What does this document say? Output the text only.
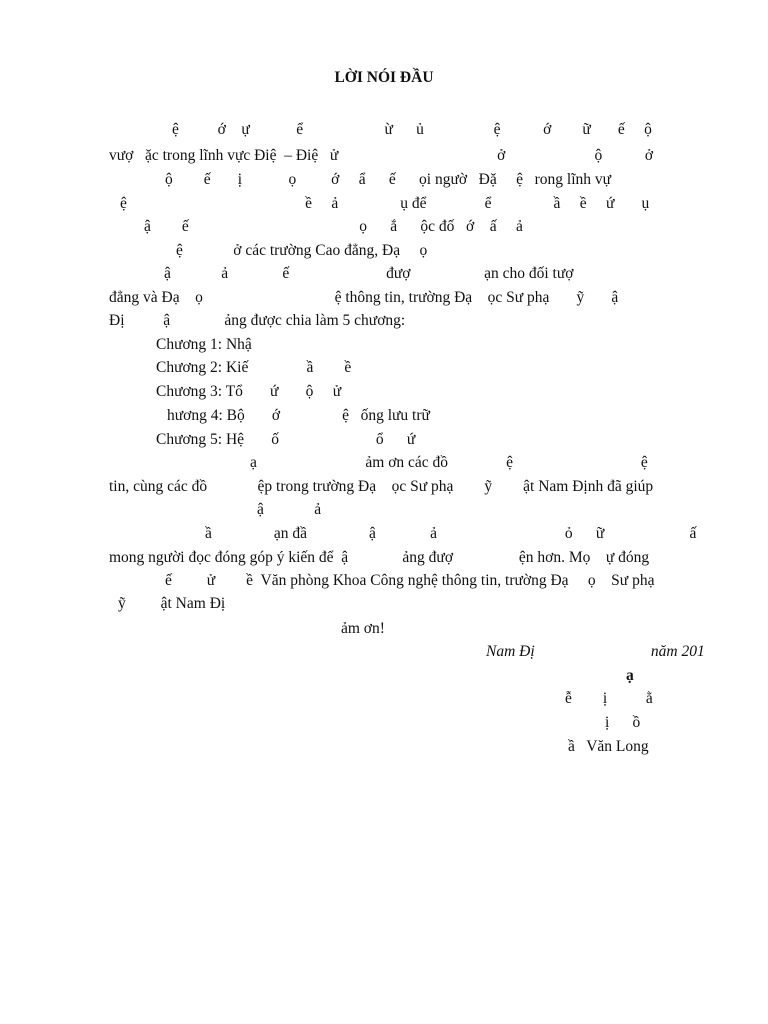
LỜI NÓI ĐẦU
ệ          ớ    ự            ể                     ừ      ủ                  ệ           ớ        ữ       ế     ộ
vượ   ặc trong lĩnh vực Điệ  – Điệ   ử                                         ở                       ộ           ở
ộ        ế       ị            ọ         ớ     ẩ      ế      ọi ngườ   Đặ     ệ   rong lĩnh vự
ệ                                              ề     ả                ụ để               ể                ầ     ề     ứ       ụ
ậ        ế                                            ọ      ắ      ộc đố   ớ    ấ     ả
ệ             ở các trường Cao đẳng, Đạ     ọ
ậ             ả              ế                         đượ                   ạn cho đối tượ
đẳng và Đạ    ọ                                  ệ thông tin, trường Đạ    ọc Sư phạ       ỹ       ậ
Đị          ậ              ảng được chia làm 5 chương:
Chương 1: Nhậ
Chương 2: Kiế               ầ        ề
Chương 3: Tổ       ứ       ộ     ử
hương 4: Bộ       ớ                ệ   ống lưu trữ
Chương 5: Hệ       ố                         ổ      ứ
ạ                            ảm ơn các đồ               ệ                                 ệ
tin, cùng các đồ             ệp trong trường Đạ    ọc Sư phạ        ỹ        ật Nam Định đã giúp
ậ             ả
ầ                ạn đầ                ậ              ả                                 ỏ      ữ                      ấ
mong người đọc đóng góp ý kiến để  ậ              ảng đượ                 ện hơn. Mọ    ự đóng
ế         ử        ề  Văn phòng Khoa Công nghệ thông tin, trường Đạ     ọ    Sư phạ
ỹ         ật Nam Đị
ảm ơn!
Nam Đị                              năm 201
ạ
ễ        ị          ằ
ị      ồ
ầ   Văn Long
